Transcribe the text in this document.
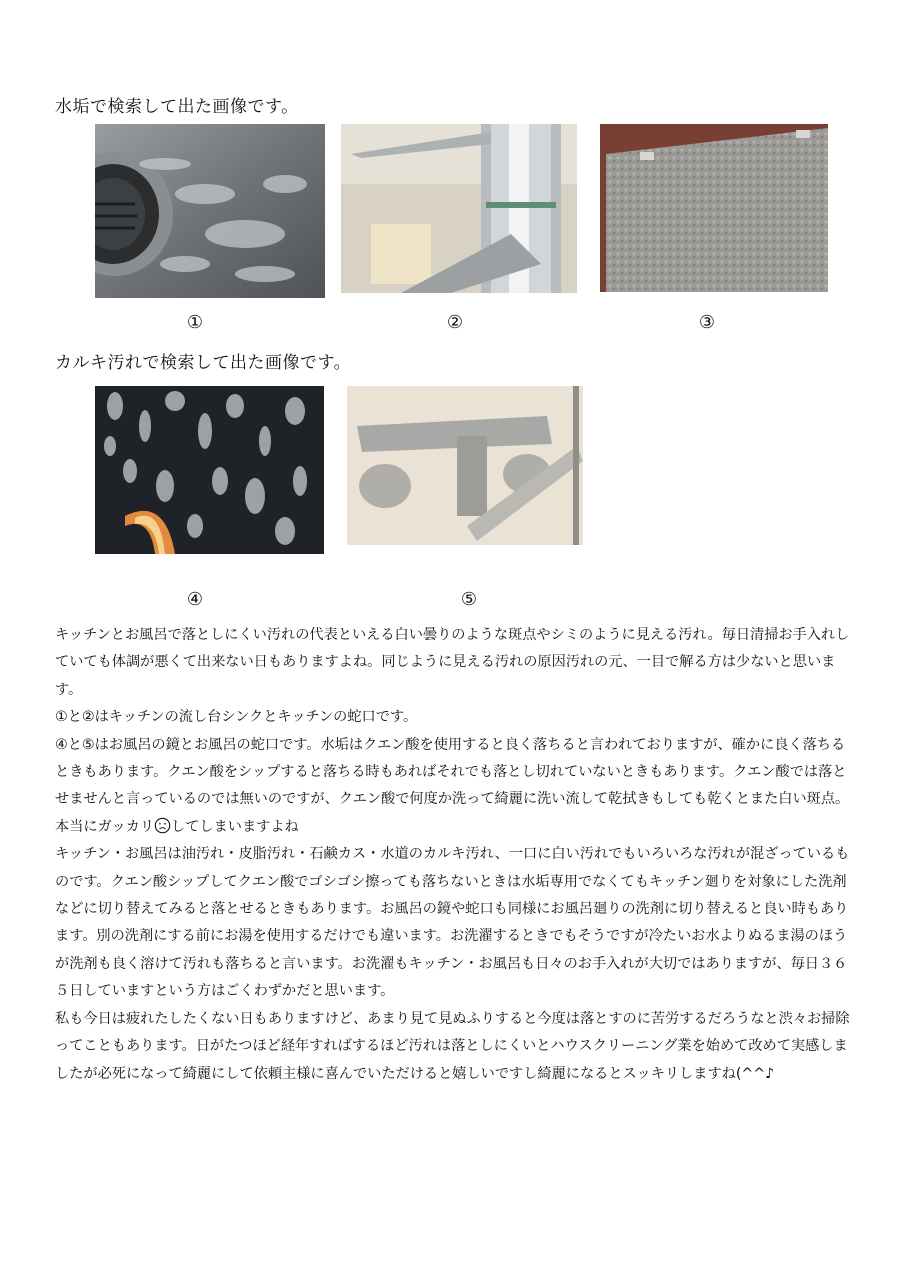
水垢で検索して出た画像です。
①	②	③
カルキ汚れで検索して出た画像です。
④	⑤

キッチンとお風呂で落としにくい汚れの代表といえる白い曇りのような斑点やシミのように見える汚れ。毎日清掃お手入れしていても体調が悪くて出来ない日もありますよね。同じように見える汚れの原因汚れの元、一目で解る方は少ないと思います。

①と②はキッチンの流し台シンクとキッチンの蛇口です。

④と⑤はお風呂の鏡とお風呂の蛇口です。水垢はクエン酸を使用すると良く落ちると言われておりますが、確かに良く落ちるときもあります。クエン酸をシップすると落ちる時もあればそれでも落とし切れていないときもあります。クエン酸では落とせませんと言っているのでは無いのですが、クエン酸で何度か洗って綺麗に洗い流して乾拭きもしても乾くとまた白い斑点。本当にガッカリ してしまいますよね

キッチン・お風呂は油汚れ・皮脂汚れ・石鹸カス・水道のカルキ汚れ、一口に白い汚れでもいろいろな汚れが混ざっているものです。クエン酸シップしてクエン酸でゴシゴシ擦っても落ちないときは水垢専用でなくてもキッチン廻りを対象にした洗剤などに切り替えてみると落とせるときもあります。お風呂の鏡や蛇口も同様にお風呂廻りの洗剤に切り替えると良い時もあります。別の洗剤にする前にお湯を使用するだけでも違います。お洗濯するときでもそうですが冷たいお水よりぬるま湯のほうが洗剤も良く溶けて汚れも落ちると言います。お洗濯もキッチン・お風呂も日々のお手入れが大切ではありますが、毎日３６５日していますという方はごくわずかだと思います。

私も今日は疲れたしたくない日もありますけど、あまり見て見ぬふりすると今度は落とすのに苦労するだろうなと渋々お掃除ってこともあります。日がたつほど経年すればするほど汚れは落としにくいとハウスクリーニング業を始めて改めて実感しましたが必死になって綺麗にして依頼主様に喜んでいただけると嬉しいですし綺麗になるとスッキリしますね(^^♪
